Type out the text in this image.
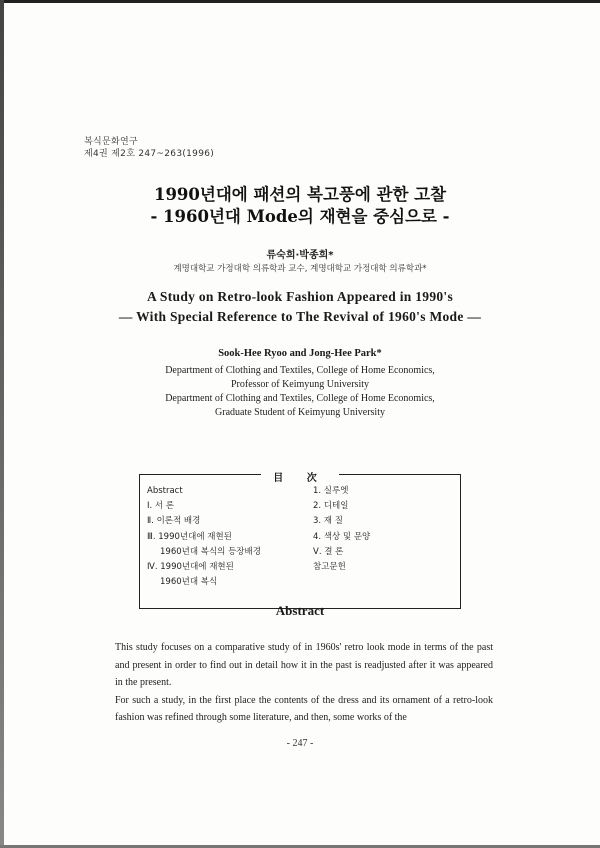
복식문화연구
제4권 제2호 247~263(1996)
1990년대에 패션의 복고풍에 관한 고찰
- 1960년대 Mode의 재현을 중심으로 -
류숙희·박종희*
계명대학교 가정대학 의류학과 교수, 계명대학교 가정대학 의류학과*
A Study on Retro-look Fashion Appeared in 1990's
— With Special Reference to The Revival of 1960's Mode —
Sook-Hee Ryoo and Jong-Hee Park*
Department of Clothing and Textiles, College of Home Economics,
Professor of Keimyung University
Department of Clothing and Textiles, College of Home Economics,
Graduate Student of Keimyung University
目 次
Abstract
Ⅰ. 서 론
Ⅱ. 이론적 배경
Ⅲ. 1990년대에 재현된
1960년대 복식의 등장배경
Ⅳ. 1990년대에 재현된
1960년대 복식
1. 실루엣
2. 디테일
3. 재 질
4. 색상 및 문양
Ⅴ. 결 론
참고문헌
Abstract

This study focuses on a comparative study of in 1960s' retro look mode in terms of the past and present in order to find out in detail how it in the past is readjusted after it was appeared in the present.

For such a study, in the first place the contents of the dress and its ornament of a retro-look fashion was refined through some literature, and then, some works of the

- 247 -
